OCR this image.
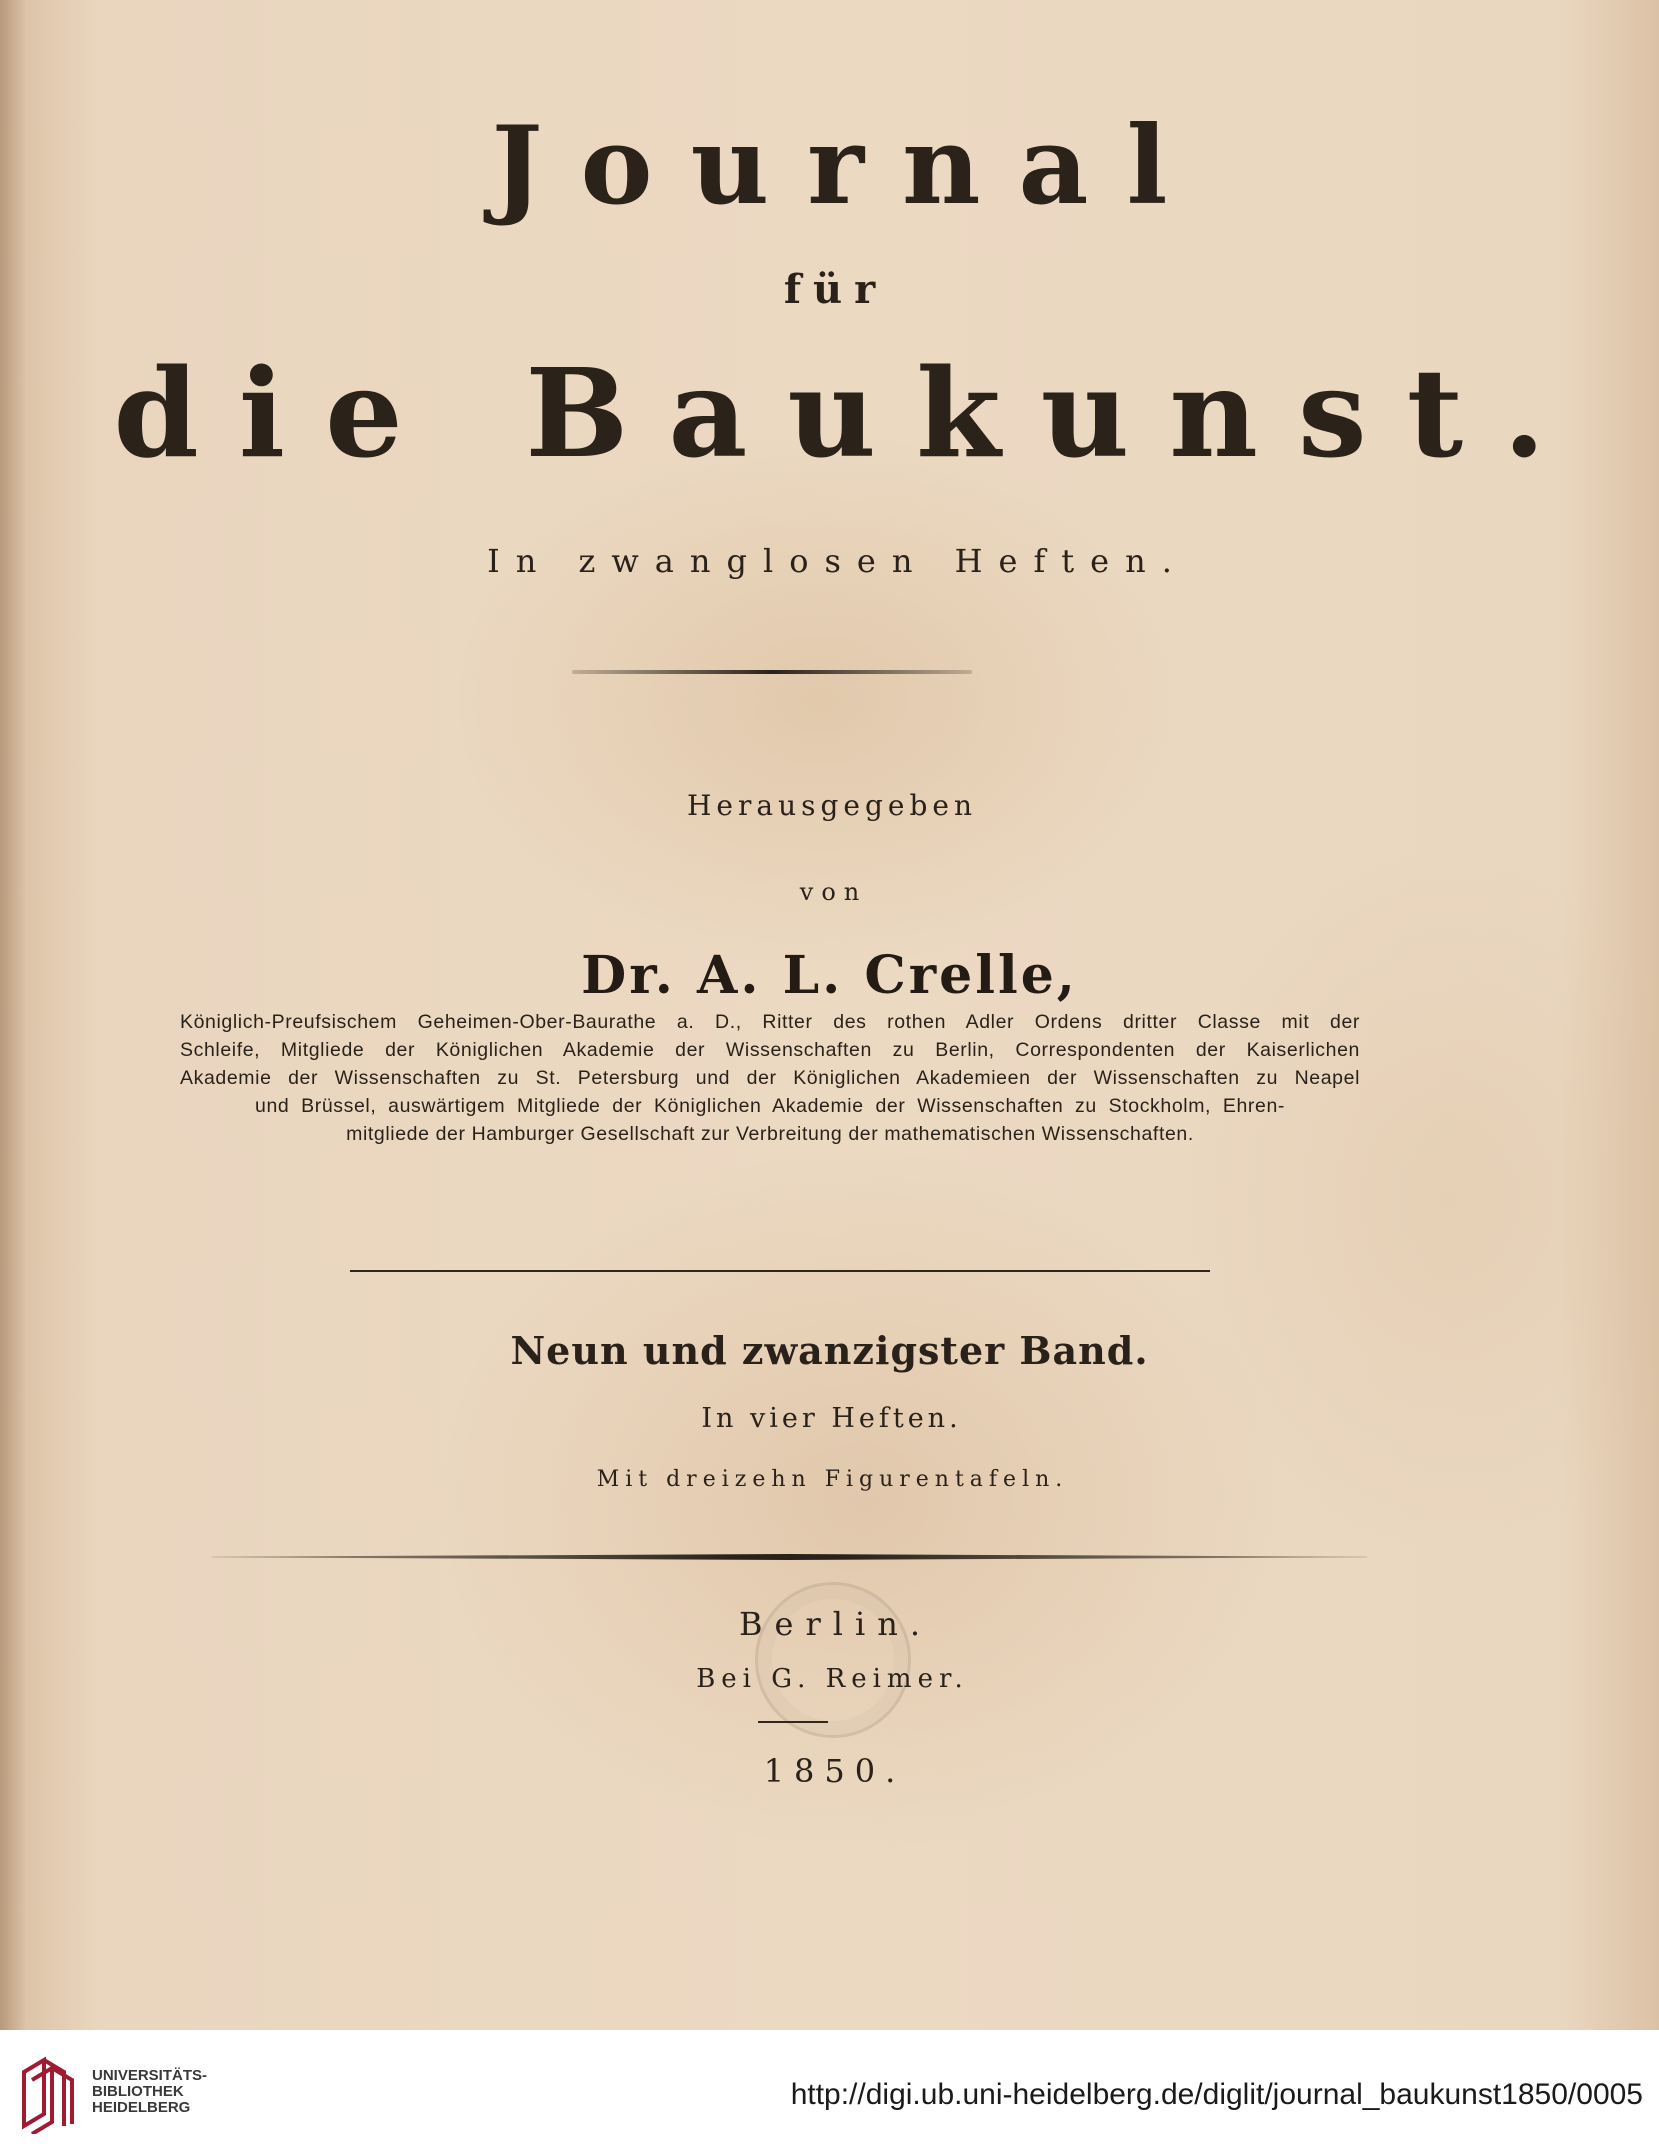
Journal
für
die Baukunst.
In zwanglosen Heften.
Herausgegeben
von
Dr. A. L. Crelle,
Königlich-Preufsischem Geheimen-Ober-Baurathe a. D., Ritter des rothen Adler Ordens dritter Classe mit der
Schleife, Mitgliede der Königlichen Akademie der Wissenschaften zu Berlin, Correspondenten der Kaiserlichen
Akademie der Wissenschaften zu St. Petersburg und der Königlichen Akademieen der Wissenschaften zu Neapel
und Brüssel, auswärtigem Mitgliede der Königlichen Akademie der Wissenschaften zu Stockholm, Ehren-
mitgliede der Hamburger Gesellschaft zur Verbreitung der mathematischen Wissenschaften.
Neun und zwanzigster Band.
In vier Heften.
Mit dreizehn Figurentafeln.
Berlin.
Bei G. Reimer.
1850.
UNIVERSITÄTS-
BIBLIOTHEK
HEIDELBERG	http://digi.ub.uni-heidelberg.de/diglit/journal_baukunst1850/0005
